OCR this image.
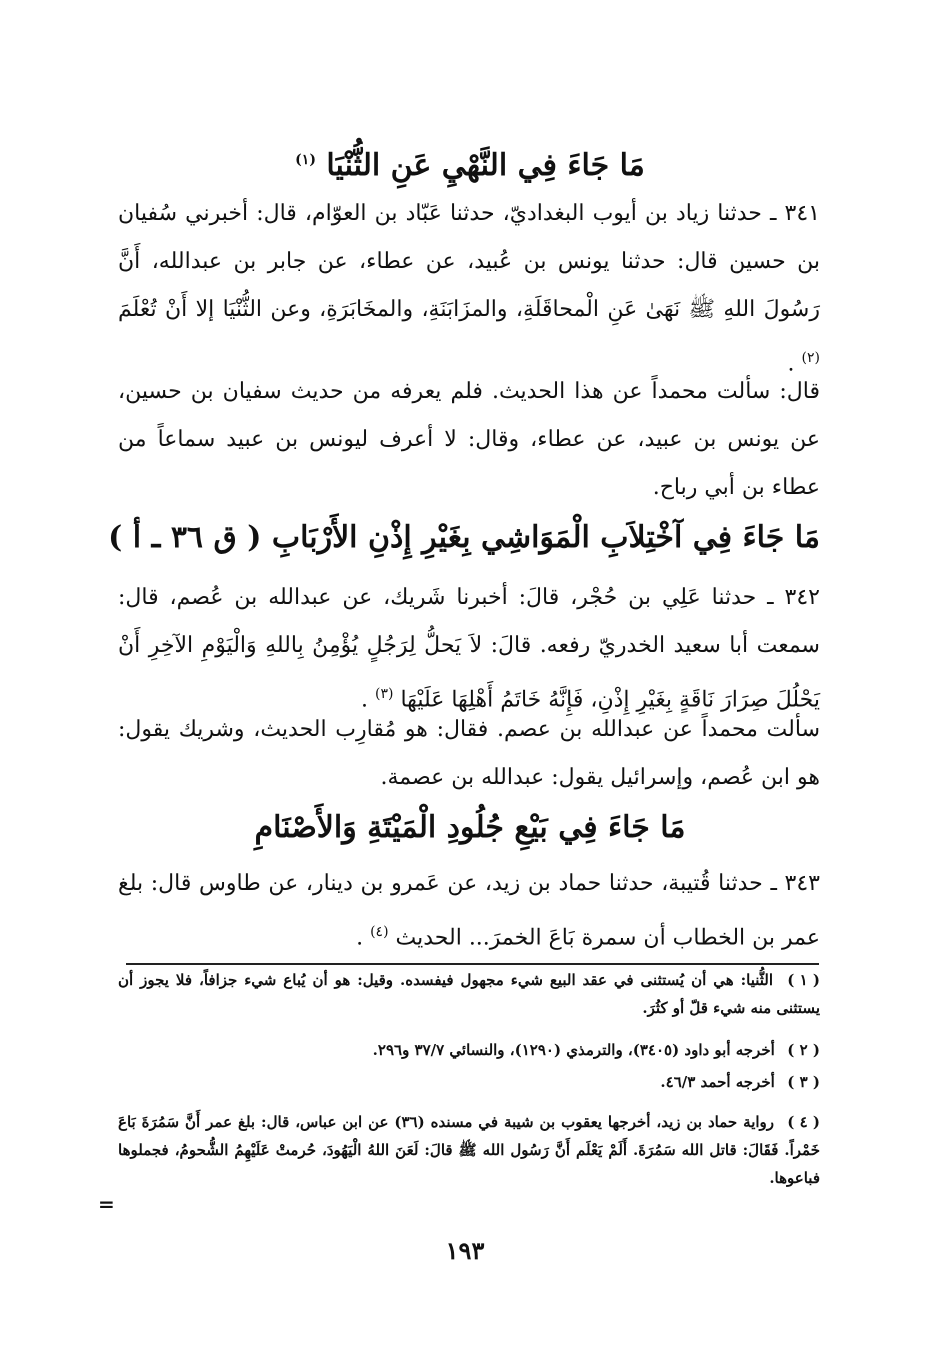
مَا جَاءَ فِي النَّهْيِ عَنِ الثُّنْيَا $^{(١)}$
٣٤١ ـ حدثنا زياد بن أيوب البغداديّ، حدثنا عَبّاد بن العوّام، قال: أخبرني سُفيان بن حسين قال: حدثنا يونس بن عُبيد، عن عطاء، عن جابر بن عبدالله، أَنَّ رَسُولَ اللهِ ﷺ نَهَىٰ عَنِ الْمحاقَلَةِ، والمزَابَنَةِ، والمخَابَرَةِ، وعن الثُّنْيَا إلا أَنْ تُعْلَمَ $^{(٢)}$ .
قال: سألت محمداً عن هذا الحديث. فلم يعرفه من حديث سفيان بن حسين، عن يونس بن عبيد، عن عطاء، وقال: لا أعرف ليونس بن عبيد سماعاً من عطاء بن أبي رباح.
مَا جَاءَ فِي آخْتِلاَبِ الْمَوَاشِي بِغَيْرِ إِذْنِ الأَرْبَابِ ( ق ٣٦ ـ أ )
٣٤٢ ـ حدثنا عَلِي بن حُجْر، قالَ: أخبرنا شَريك، عن عبدالله بن عُصم، قال: سمعت أبا سعيد الخدريّ رفعه. قالَ: لاَ يَحلُّ لِرَجُلٍ يُؤْمِنُ بِاللهِ وَالْيَوْمِ الآخِرِ أَنْ يَحْلُلَ صِرَارَ نَاقَةٍ بِغَيْرِ إِذْنِ، فَإِنَّهُ خَاتَمُ أَهْلِهَا عَلَيْهَا $^{(٣)}$ .
سألت محمداً عن عبدالله بن عصم. فقال: هو مُقارِب الحديث، وشريك يقول: هو ابن عُصم، وإسرائيل يقول: عبدالله بن عصمة.
مَا جَاءَ فِي بَيْعِ جُلُودِ الْمَيْتَةِ وَالأَصْنَامِ
٣٤٣ ـ حدثنا قُتيبة، حدثنا حماد بن زيد، عن عَمرو بن دينار، عن طاوس قال: بلغ عمر بن الخطاب أن سمرة بَاعَ الخمرَ... الحديث $^{(٤)}$ .
( ١ ) الثُّنيا: هي أن يُستثنى في عقد البيع شيء مجهول فيفسده. وقيل: هو أن يُباع شيء جزافاً، فلا يجوز أن يستثنى منه شيء قلّ أو كثُرَ.
( ٢ ) أخرجه أبو داود (٣٤٠٥)، والترمذي (١٢٩٠)، والنسائي ٣٧/٧ و٢٩٦.
( ٣ ) أخرجه أحمد ٤٦/٣.
( ٤ ) رواية حماد بن زيد، أخرجها يعقوب بن شيبة في مسنده (٣٦) عن ابن عباس، قال: بلغ عمر أَنَّ سَمُرَةَ بَاعَ خَمْراً. فَقَالَ: قاتل الله سَمُرَةَ. أَلَمْ يَعْلَم أَنَّ رَسُول الله ﷺ قالَ: لَعَنَ اللهُ الْيَهُودَ، حُرمتْ عَلَيْهِمُ الشُّحومُ، فجملوها فباعوها.
=
١٩٣
